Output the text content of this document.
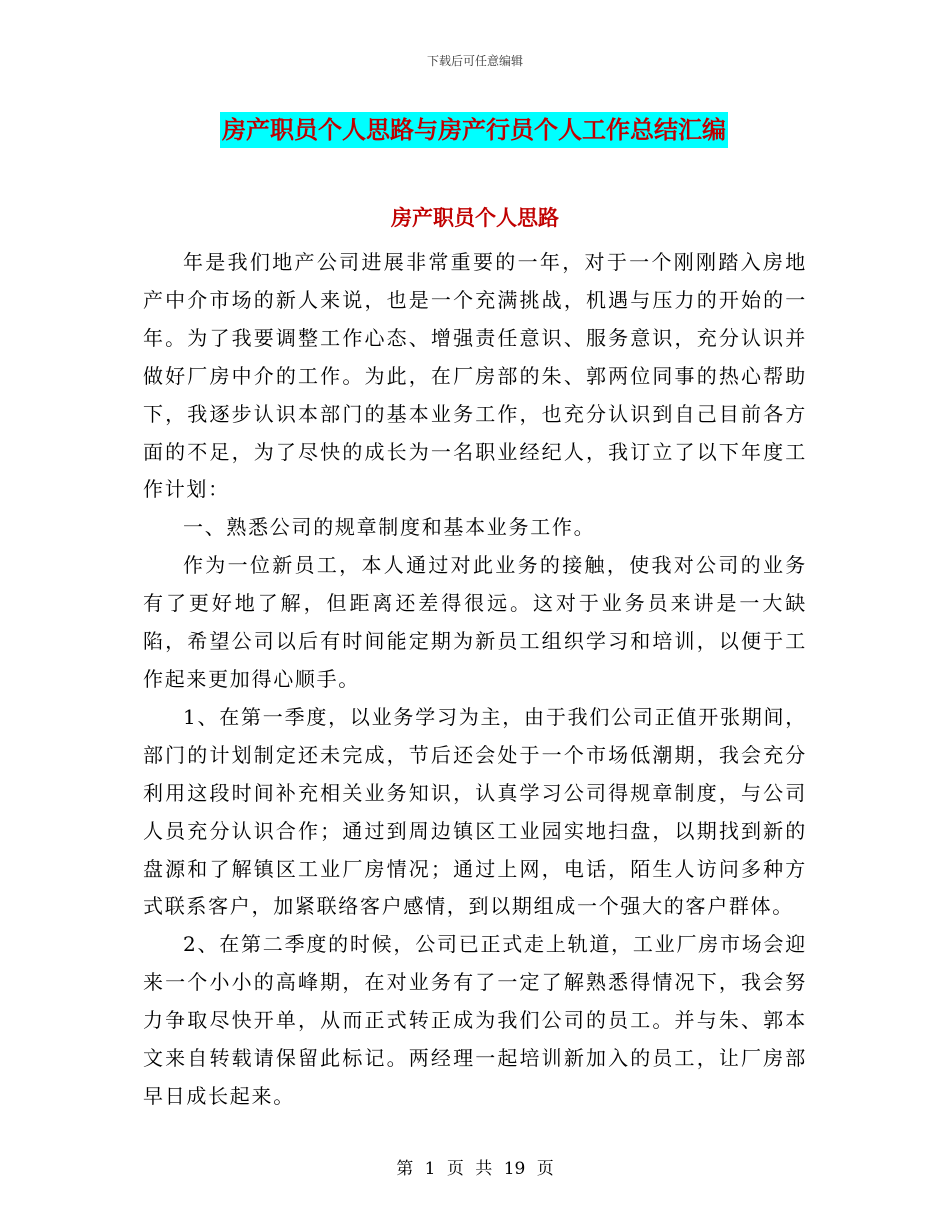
下载后可任意编辑
房产职员个人思路与房产行员个人工作总结汇编
房产职员个人思路

年是我们地产公司进展非常重要的一年，对于一个刚刚踏入房地产中介市场的新人来说，也是一个充满挑战，机遇与压力的开始的一年。为了我要调整工作心态、增强责任意识、服务意识，充分认识并做好厂房中介的工作。为此，在厂房部的朱、郭两位同事的热心帮助下，我逐步认识本部门的基本业务工作，也充分认识到自己目前各方面的不足，为了尽快的成长为一名职业经纪人，我订立了以下年度工作计划：

一、熟悉公司的规章制度和基本业务工作。

作为一位新员工，本人通过对此业务的接触，使我对公司的业务有了更好地了解，但距离还差得很远。这对于业务员来讲是一大缺陷，希望公司以后有时间能定期为新员工组织学习和培训，以便于工作起来更加得心顺手。

1、在第一季度，以业务学习为主，由于我们公司正值开张期间，部门的计划制定还未完成，节后还会处于一个市场低潮期，我会充分利用这段时间补充相关业务知识，认真学习公司得规章制度，与公司人员充分认识合作；通过到周边镇区工业园实地扫盘，以期找到新的盘源和了解镇区工业厂房情况；通过上网，电话，陌生人访问多种方式联系客户，加紧联络客户感情，到以期组成一个强大的客户群体。

2、在第二季度的时候，公司已正式走上轨道，工业厂房市场会迎来一个小小的高峰期，在对业务有了一定了解熟悉得情况下，我会努力争取尽快开单，从而正式转正成为我们公司的员工。并与朱、郭本文来自转载请保留此标记。两经理一起培训新加入的员工，让厂房部早日成长起来。

第 1 页 共 19 页
